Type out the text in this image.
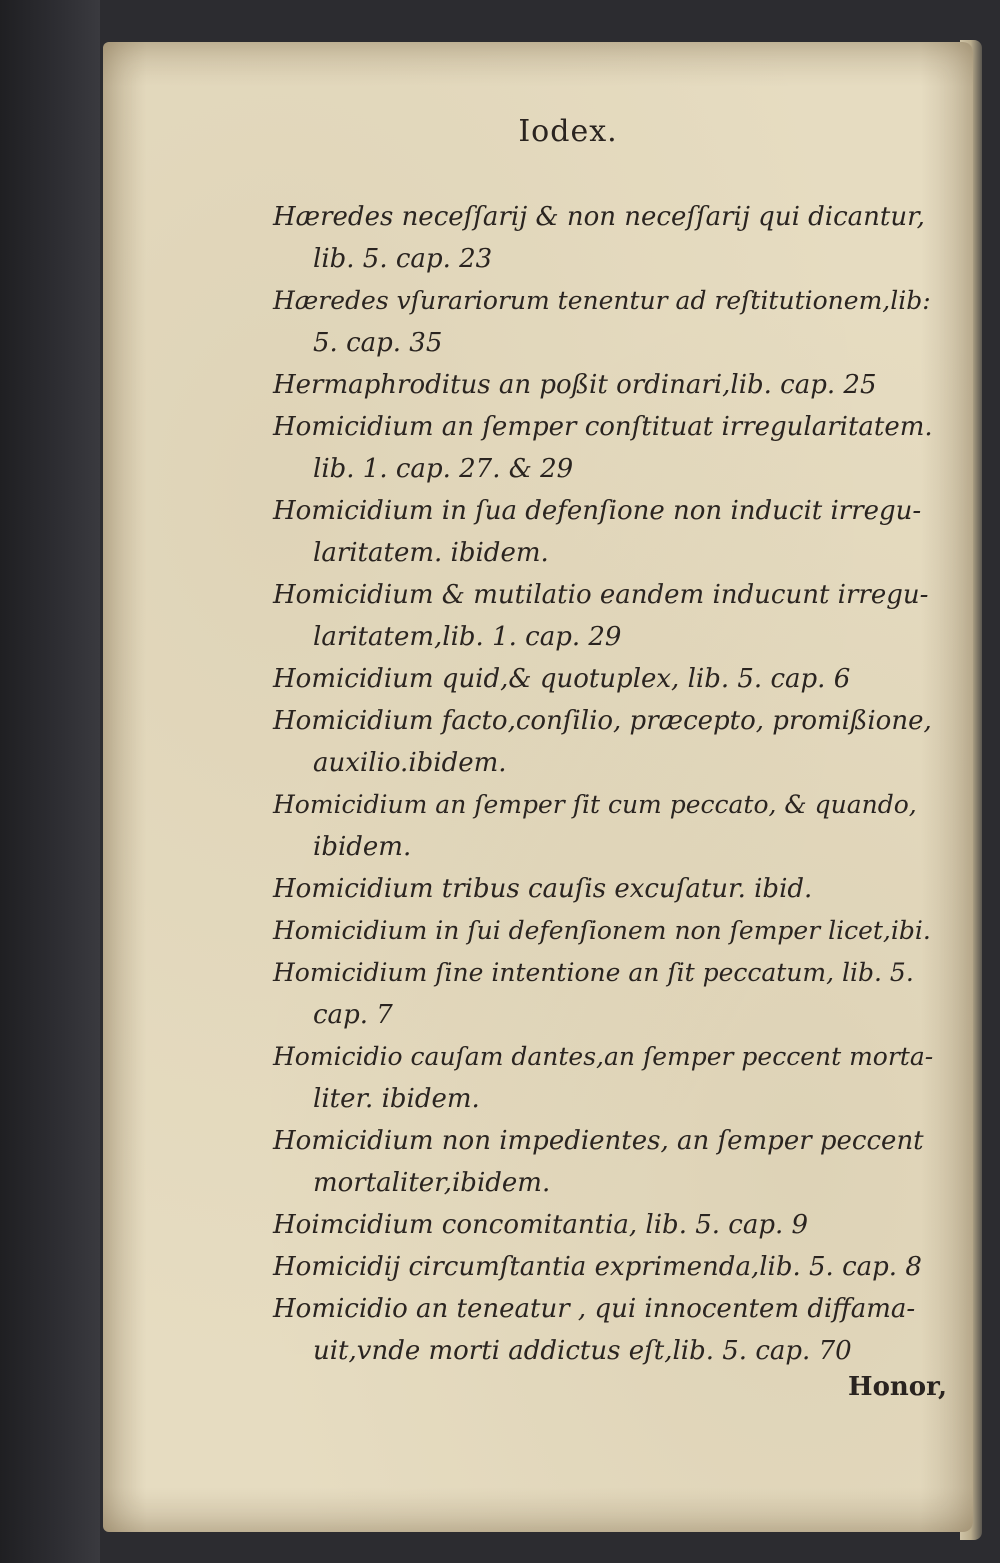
Iodex.
Hæredes neceſſarij & non neceſſarij qui dicantur,
lib. 5. cap. 23
Hæredes vſurariorum tenentur ad reſtitutionem,lib:
5. cap. 35
Hermaphroditus an poßit ordinari,lib. cap. 25
Homicidium an ſemper conſtituat irregularitatem.
lib. 1. cap. 27. & 29
Homicidium in ſua defenſione non inducit irregu-
laritatem. ibidem.
Homicidium & mutilatio eandem inducunt irregu-
laritatem,lib. 1. cap. 29
Homicidium quid,& quotuplex, lib. 5. cap. 6
Homicidium facto,conſilio, præcepto, promißione,
auxilio.ibidem.
Homicidium an ſemper ſit cum peccato, & quando,
ibidem.
Homicidium tribus cauſis excuſatur. ibid.
Homicidium in ſui defenſionem non ſemper licet,ibi.
Homicidium ſine intentione an ſit peccatum, lib. 5.
cap. 7
Homicidio cauſam dantes,an ſemper peccent morta-
liter. ibidem.
Homicidium non impedientes, an ſemper peccent
mortaliter,ibidem.
Hoimcidium concomitantia, lib. 5. cap. 9
Homicidij circumſtantia exprimenda,lib. 5. cap. 8
Homicidio an teneatur , qui innocentem diffama-
uit,vnde morti addictus eſt,lib. 5. cap. 70
Honor,
